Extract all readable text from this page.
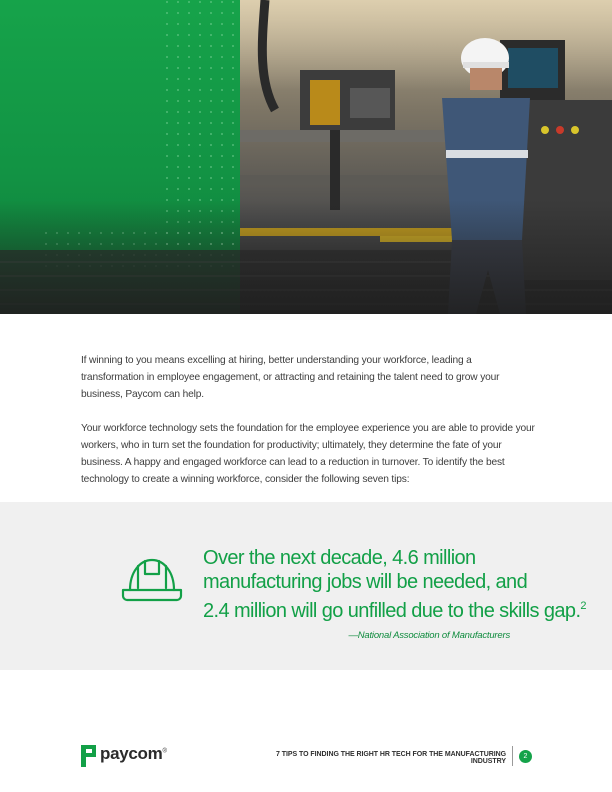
If winning to you means excelling at hiring, better understanding your workforce, leading a transformation in employee engagement, or attracting and retaining the talent need to grow your business, Paycom can help.

Your workforce technology sets the foundation for the employee experience you are able to provide your workers, who in turn set the foundation for productivity; ultimately, they determine the fate of your business. A happy and engaged workforce can lead to a reduction in turnover. To identify the best technology to create a winning workforce, consider the following seven tips:

Over the next decade, 4.6 million
manufacturing jobs will be needed, and
2.4 million will go unfilled due to the skills gap.$^2$
—National Association of Manufacturers
paycom®	7 TIPS TO FINDING THE RIGHT HR TECH FOR THE MANUFACTURING INDUSTRY
2
